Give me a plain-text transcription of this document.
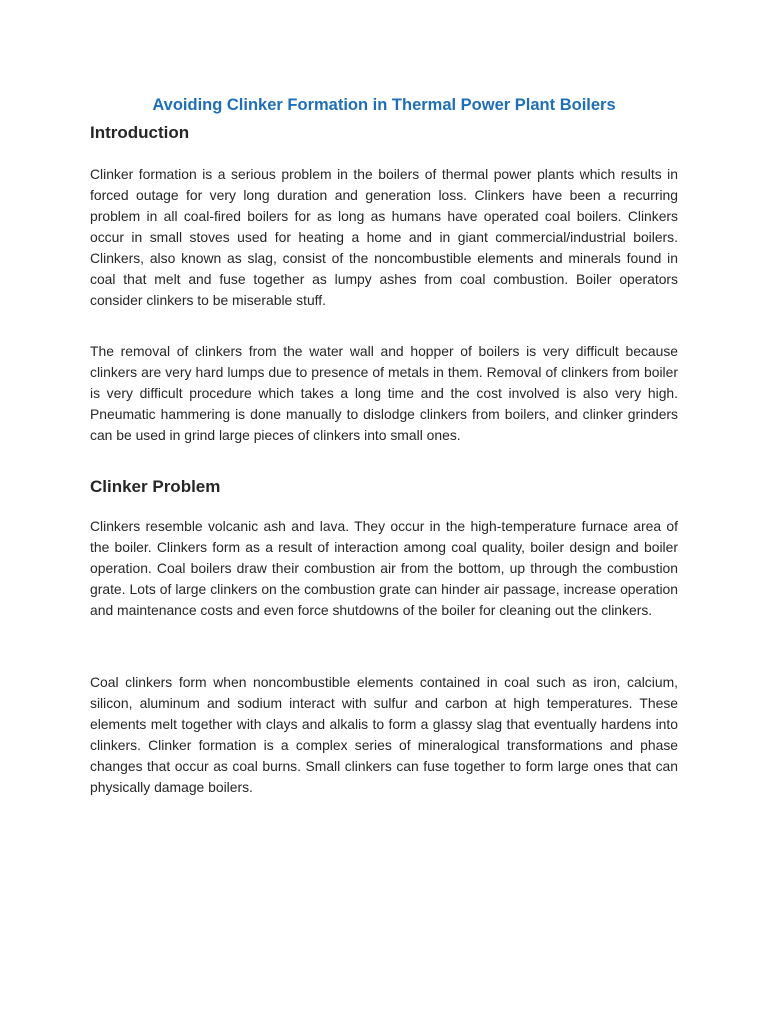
Avoiding Clinker Formation in Thermal Power Plant Boilers
Introduction

Clinker formation is a serious problem in the boilers of thermal power plants which results in forced outage for very long duration and generation loss. Clinkers have been a recurring problem in all coal-fired boilers for as long as humans have operated coal boilers. Clinkers occur in small stoves used for heating a home and in giant commercial/industrial boilers. Clinkers, also known as slag, consist of the noncombustible elements and minerals found in coal that melt and fuse together as lumpy ashes from coal combustion. Boiler operators consider clinkers to be miserable stuff.

The removal of clinkers from the water wall and hopper of boilers is very difficult because clinkers are very hard lumps due to presence of metals in them. Removal of clinkers from boiler is very difficult procedure which takes a long time and the cost involved is also very high. Pneumatic hammering is done manually to dislodge clinkers from boilers, and clinker grinders can be used in grind large pieces of clinkers into small ones.

Clinker Problem

Clinkers resemble volcanic ash and lava. They occur in the high-temperature furnace area of the boiler. Clinkers form as a result of interaction among coal quality, boiler design and boiler operation. Coal boilers draw their combustion air from the bottom, up through the combustion grate. Lots of large clinkers on the combustion grate can hinder air passage, increase operation and maintenance costs and even force shutdowns of the boiler for cleaning out the clinkers.

Coal clinkers form when noncombustible elements contained in coal such as iron, calcium, silicon, aluminum and sodium interact with sulfur and carbon at high temperatures. These elements melt together with clays and alkalis to form a glassy slag that eventually hardens into clinkers. Clinker formation is a complex series of mineralogical transformations and phase changes that occur as coal burns. Small clinkers can fuse together to form large ones that can physically damage boilers.
